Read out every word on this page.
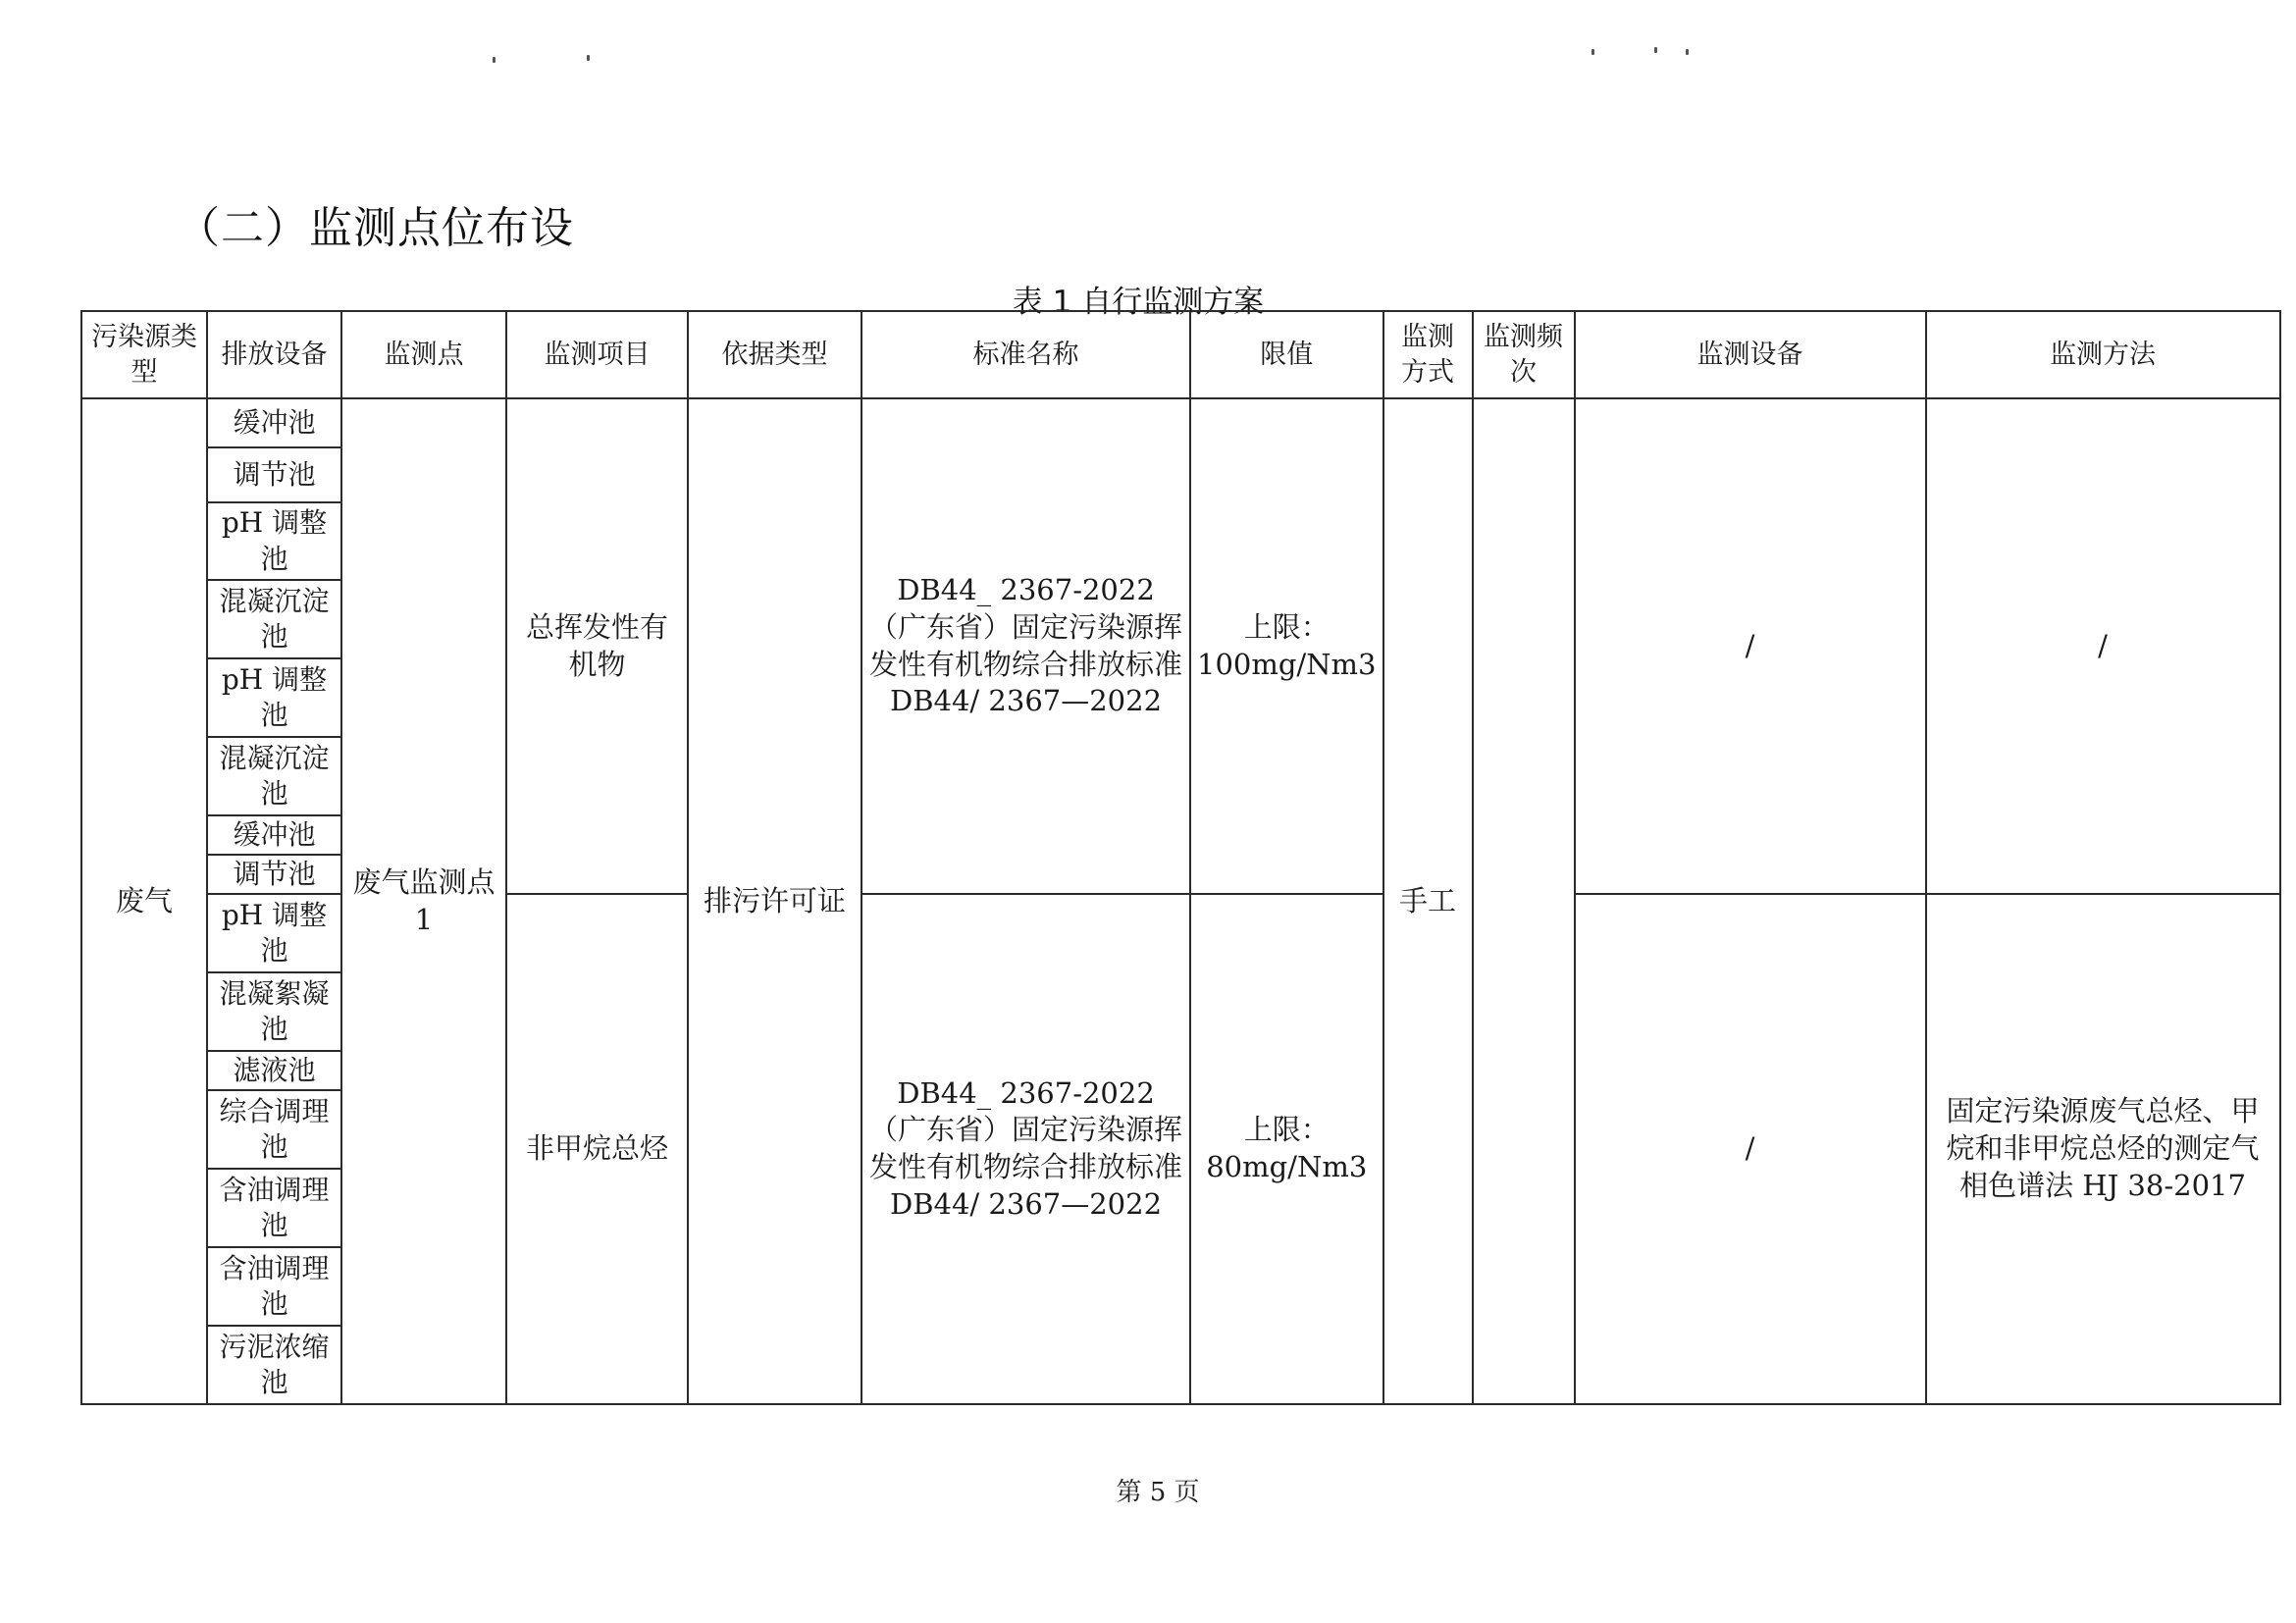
（二）监测点位布设
表 1 自行监测方案
污染源类型	排放设备	监测点	监测项目	依据类型	标准名称	限值	监测方式	监测频次	监测设备	监测方法
废气	缓冲池	废气监测点 1	总挥发性有机物	排污许可证	DB44_ 2367-2022 （广东省）固定污染源挥发性有机物综合排放标准 DB44/ 2367—2022	上限：100mg/Nm3	手工		/	/
	调节池									
	pH 调整池									
	混凝沉淀池									
	pH 调整池									
	混凝沉淀池									
	缓冲池									
	调节池									
	pH 调整池		非甲烷总烃		DB44_ 2367-2022 （广东省）固定污染源挥发性有机物综合排放标准 DB44/ 2367—2022	上限：80mg/Nm3			/	固定污染源废气总烃、甲烷和非甲烷总烃的测定气相色谱法 HJ 38-2017
	混凝絮凝池									
	滤液池									
	综合调理池									
	含油调理池									
	含油调理池									
	污泥浓缩池									
第 5 页
